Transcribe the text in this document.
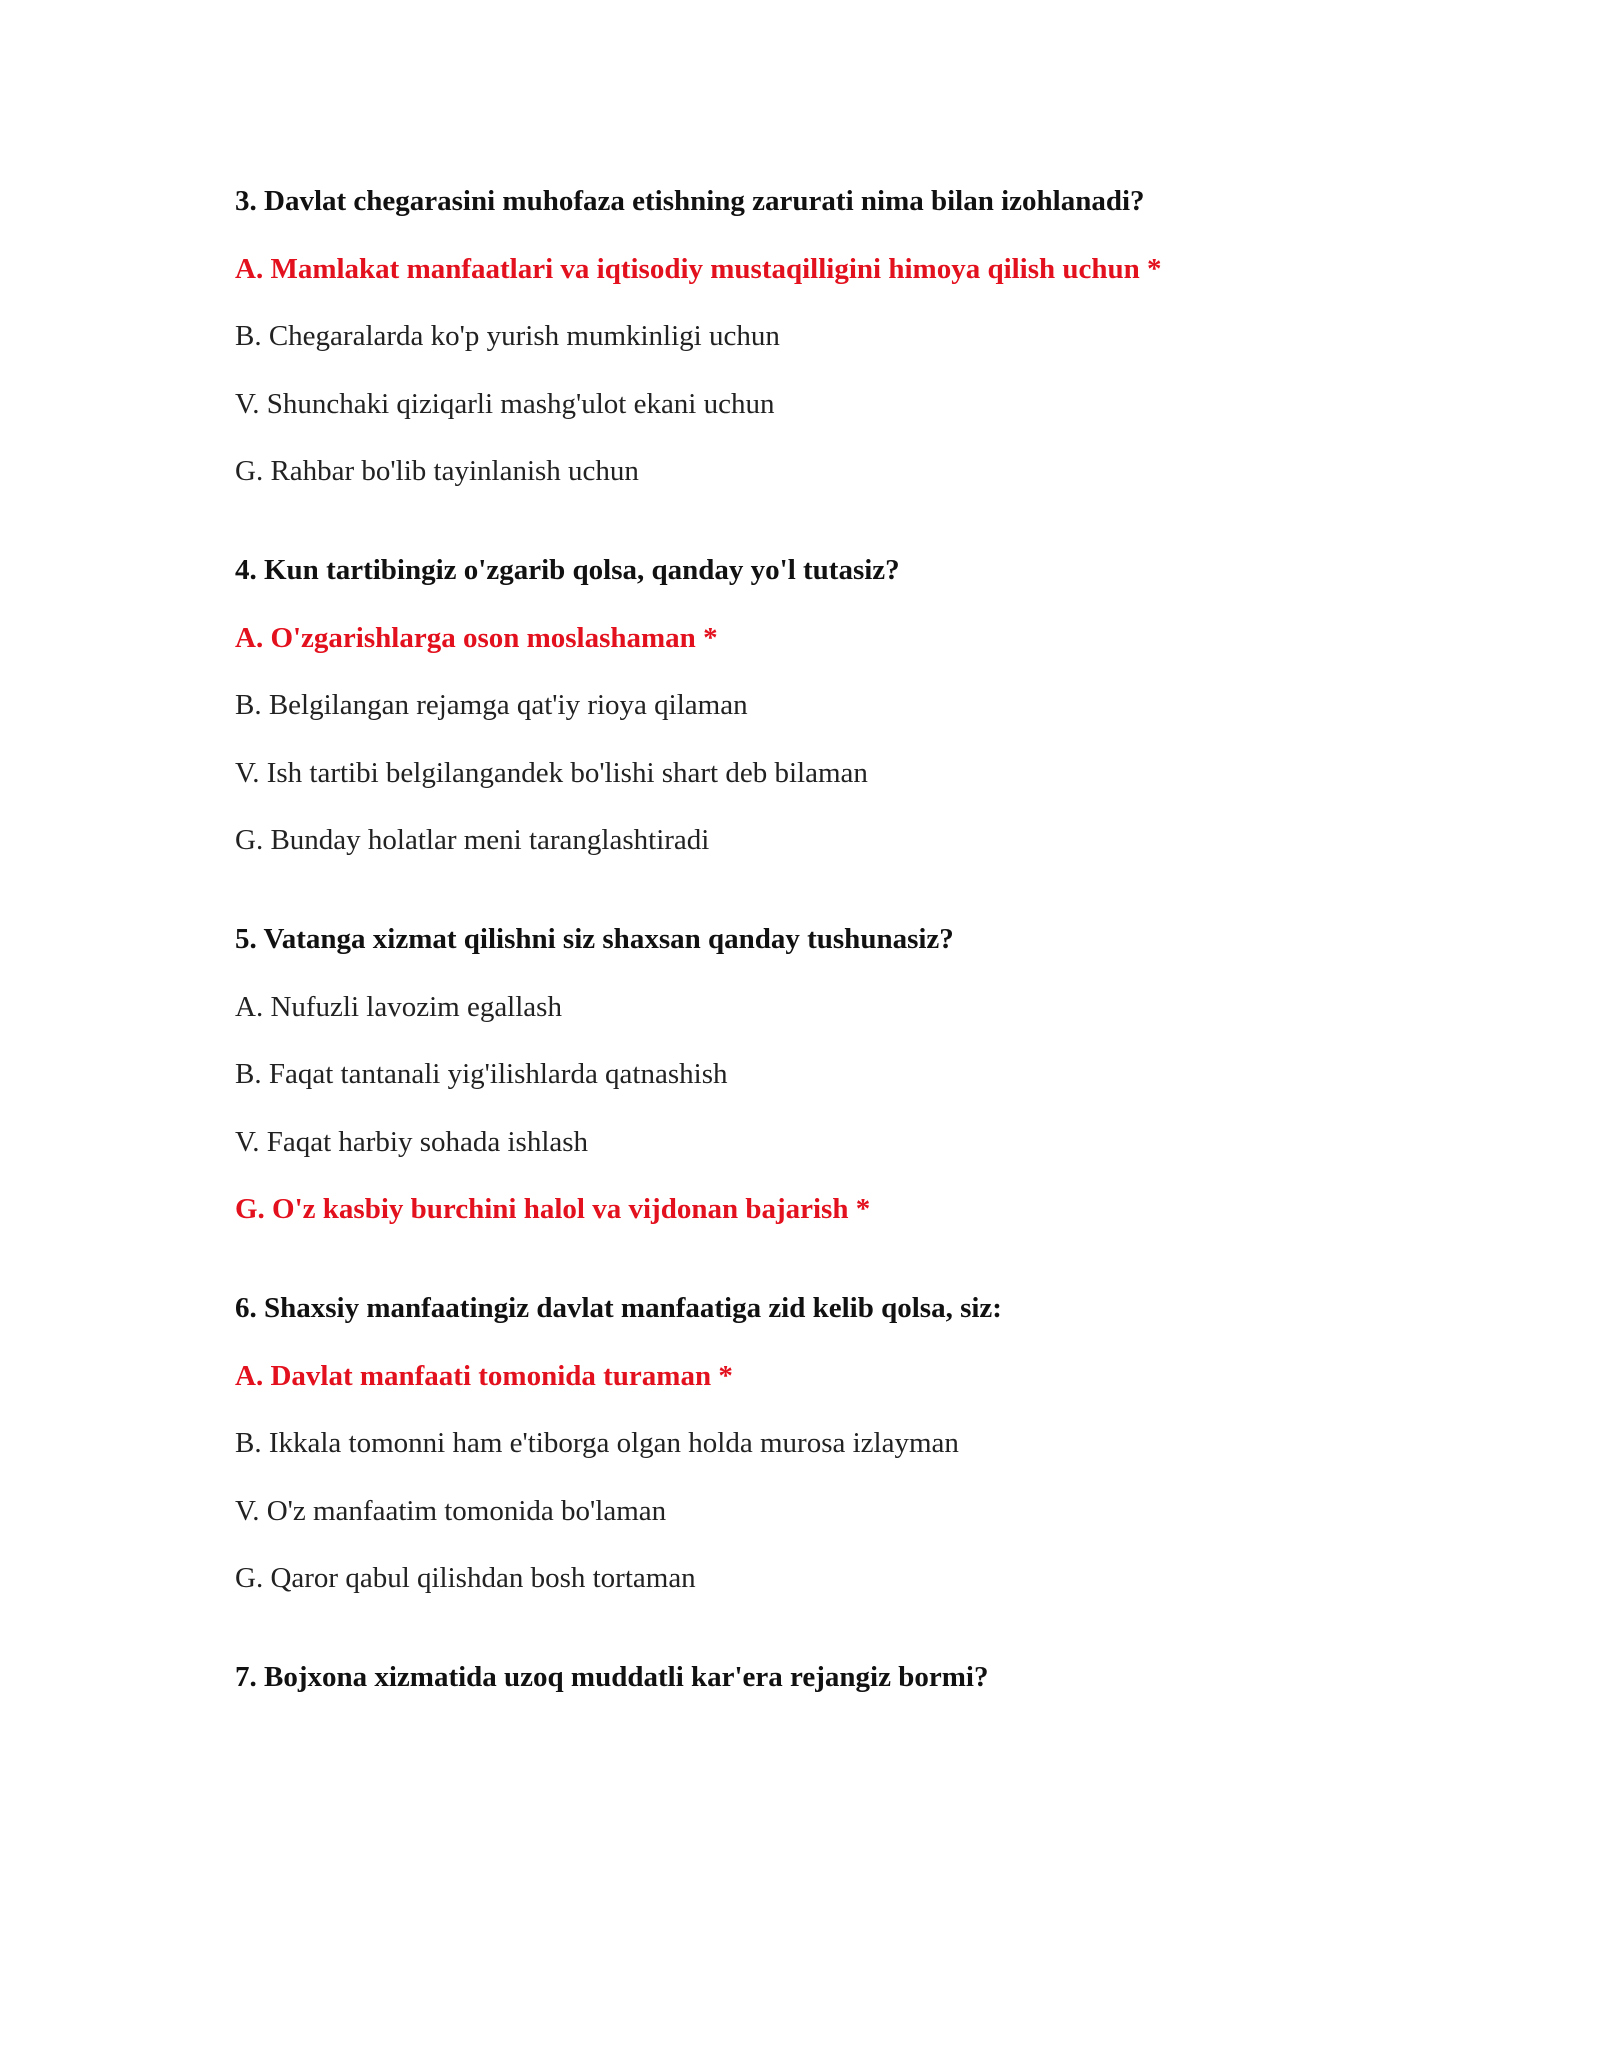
3. Davlat chegarasini muhofaza etishning zarurati nima bilan izohlanadi?
A. Mamlakat manfaatlari va iqtisodiy mustaqilligini himoya qilish uchun *
B. Chegaralarda ko'p yurish mumkinligi uchun
V. Shunchaki qiziqarli mashg'ulot ekani uchun
G. Rahbar bo'lib tayinlanish uchun
4. Kun tartibingiz o'zgarib qolsa, qanday yo'l tutasiz?
A. O'zgarishlarga oson moslashaman *
B. Belgilangan rejamga qat'iy rioya qilaman
V. Ish tartibi belgilangandek bo'lishi shart deb bilaman
G. Bunday holatlar meni taranglashtiradi
5. Vatanga xizmat qilishni siz shaxsan qanday tushunasiz?
A. Nufuzli lavozim egallash
B. Faqat tantanali yig'ilishlarda qatnashish
V. Faqat harbiy sohada ishlash
G. O'z kasbiy burchini halol va vijdonan bajarish *
6. Shaxsiy manfaatingiz davlat manfaatiga zid kelib qolsa, siz:
A. Davlat manfaati tomonida turaman *
B. Ikkala tomonni ham e'tiborga olgan holda murosa izlayman
V. O'z manfaatim tomonida bo'laman
G. Qaror qabul qilishdan bosh tortaman
7. Bojxona xizmatida uzoq muddatli kar'era rejangiz bormi?
